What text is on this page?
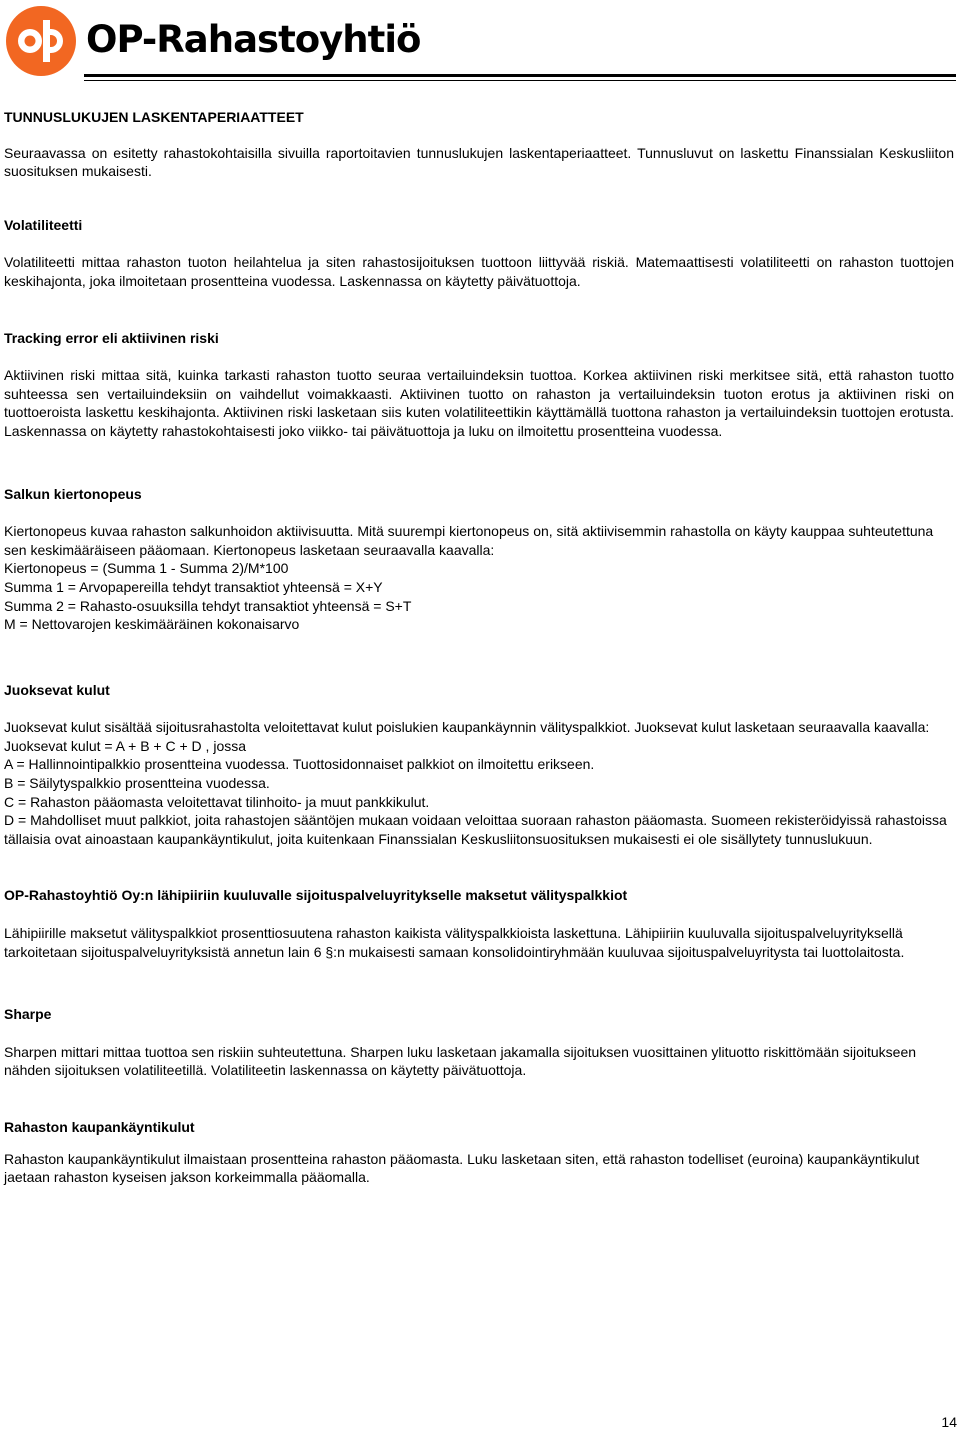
OP-Rahastoyhtiö
TUNNUSLUKUJEN LASKENTAPERIAATTEET

Seuraavassa on esitetty rahastokohtaisilla sivuilla raportoitavien tunnuslukujen laskentaperiaatteet. Tunnusluvut on laskettu Finanssialan Keskusliiton suosituksen mukaisesti.

Volatiliteetti

Volatiliteetti mittaa rahaston tuoton heilahtelua ja siten rahastosijoituksen tuottoon liittyvää riskiä. Matemaattisesti volatiliteetti on rahaston tuottojen keskihajonta, joka ilmoitetaan prosentteina vuodessa. Laskennassa on käytetty päivätuottoja.

Tracking error eli aktiivinen riski

Aktiivinen riski mittaa sitä, kuinka tarkasti rahaston tuotto seuraa vertailuindeksin tuottoa. Korkea aktiivinen riski merkitsee sitä, että rahaston tuotto suhteessa sen vertailuindeksiin on vaihdellut voimakkaasti. Aktiivinen tuotto on rahaston ja vertailuindeksin tuoton erotus ja aktiivinen riski on tuottoeroista laskettu keskihajonta. Aktiivinen riski lasketaan siis kuten volatiliteettikin käyttämällä tuottona rahaston ja vertailuindeksin tuottojen erotusta. Laskennassa on käytetty rahastokohtaisesti joko viikko- tai päivätuottoja ja luku on ilmoitettu prosentteina vuodessa.

Salkun kiertonopeus

Kiertonopeus kuvaa rahaston salkunhoidon aktiivisuutta. Mitä suurempi kiertonopeus on, sitä aktiivisemmin rahastolla on käyty kauppaa suhteutettuna sen keskimääräiseen pääomaan. Kiertonopeus lasketaan seuraavalla kaavalla:

Kiertonopeus = (Summa 1 - Summa 2)/M*100
Summa 1 = Arvopapereilla tehdyt transaktiot yhteensä = X+Y
Summa 2 = Rahasto-osuuksilla tehdyt transaktiot yhteensä = S+T
M = Nettovarojen keskimääräinen kokonaisarvo
Juoksevat kulut

Juoksevat kulut sisältää sijoitusrahastolta veloitettavat kulut poislukien kaupankäynnin välityspalkkiot. Juoksevat kulut lasketaan seuraavalla kaavalla:

Juoksevat kulut = A + B + C + D , jossa
A = Hallinnointipalkkio prosentteina vuodessa. Tuottosidonnaiset palkkiot on ilmoitettu erikseen.
B = Säilytyspalkkio prosentteina vuodessa.
C = Rahaston pääomasta veloitettavat tilinhoito- ja muut pankkikulut.
D = Mahdolliset muut palkkiot, joita rahastojen sääntöjen mukaan voidaan veloittaa suoraan rahaston pääomasta. Suomeen rekisteröidyissä rahastoissa tällaisia ovat ainoastaan kaupankäyntikulut, joita kuitenkaan Finanssialan Keskusliitonsuosituksen mukaisesti ei ole sisällytety tunnuslukuun.
OP-Rahastoyhtiö Oy:n lähipiiriin kuuluvalle sijoituspalveluyritykselle maksetut välityspalkkiot

Lähipiirille maksetut välityspalkkiot prosenttiosuutena rahaston kaikista välityspalkkioista laskettuna. Lähipiiriin kuuluvalla sijoituspalveluyrityksellä tarkoitetaan sijoituspalveluyrityksistä annetun lain 6 §:n mukaisesti samaan konsolidointiryhmään kuuluvaa sijoituspalveluyritysta tai luottolaitosta.

Sharpe

Sharpen mittari mittaa tuottoa sen riskiin suhteutettuna. Sharpen luku lasketaan jakamalla sijoituksen vuosittainen ylituotto riskittömään sijoitukseen nähden sijoituksen volatiliteetillä. Volatiliteetin laskennassa on käytetty päivätuottoja.

Rahaston kaupankäyntikulut

Rahaston kaupankäyntikulut ilmaistaan prosentteina rahaston pääomasta. Luku lasketaan siten, että rahaston todelliset (euroina) kaupankäyntikulut jaetaan rahaston kyseisen jakson korkeimmalla pääomalla.

14
